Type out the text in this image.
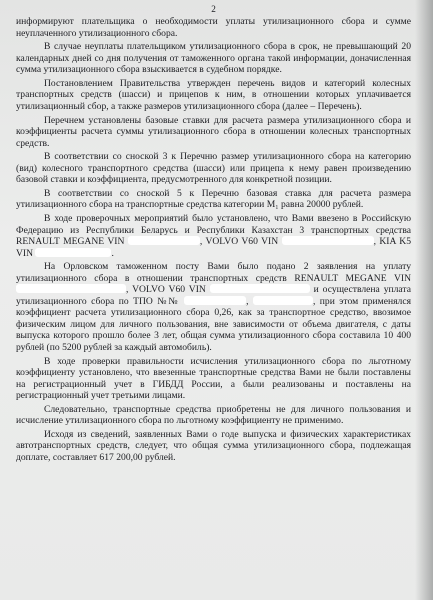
2

информируют плательщика о необходимости уплаты утилизационного сбора и сумме неуплаченного утилизационного сбора.

В случае неуплаты плательщиком утилизационного сбора в срок, не превышающий 20 календарных дней со дня получения от таможенного органа такой информации, доначисленная сумма утилизационного сбора взыскивается в судебном порядке.

Постановлением Правительства утвержден перечень видов и категорий колесных транспортных средств (шасси) и прицепов к ним, в отношении которых уплачивается утилизационный сбор, а также размеров утилизационного сбора (далее – Перечень).

Перечнем установлены базовые ставки для расчета размера утилизационного сбора и коэффициенты расчета суммы утилизационного сбора в отношении колесных транспортных средств.

В соответствии со сноской 3 к Перечню размер утилизационного сбора на категорию (вид) колесного транспортного средства (шасси) или прицепа к нему равен произведению базовой ставки и коэффициента, предусмотренного для конкретной позиции.

В соответствии со сноской 5 к Перечню базовая ставка для расчета размера утилизационного сбора на транспортные средства категории M₁ равна 20000 рублей.

В ходе проверочных мероприятий было установлено, что Вами ввезено в Российскую Федерацию из Республики Беларусь и Республики Казахстан 3 транспортных средства RENAULT MEGANE VIN	, VOLVO V60 VIN	, KIA K5 VIN	.

На Орловском таможенном посту Вами было подано 2 заявления на уплату утилизационного сбора в отношении транспортных средств RENAULT MEGANE VIN , VOLVO V60 VIN	и осуществлена уплата утилизационного сбора по ТПО №№	,	, при этом применялся коэффициент расчета утилизационного сбора 0,26, как за транспортное средство, ввозимое физическим лицом для личного пользования, вне зависимости от объема двигателя, с даты выпуска которого прошло более 3 лет, общая сумма утилизационного сбора составила 10 400 рублей (по 5200 рублей за каждый автомобиль).

В ходе проверки правильности исчисления утилизационного сбора по льготному коэффициенту установлено, что ввезенные транспортные средства Вами не были поставлены на регистрационный учет в ГИБДД России, а были реализованы и поставлены на регистрационный учет третьими лицами.

Следовательно, транспортные средства приобретены не для личного пользования и исчисление утилизационного сбора по льготному коэффициенту не применимо.

Исходя из сведений, заявленных Вами о годе выпуска и физических характеристиках автотранспортных средств, следует, что общая сумма утилизационного сбора, подлежащая доплате, составляет 617 200,00 рублей.
